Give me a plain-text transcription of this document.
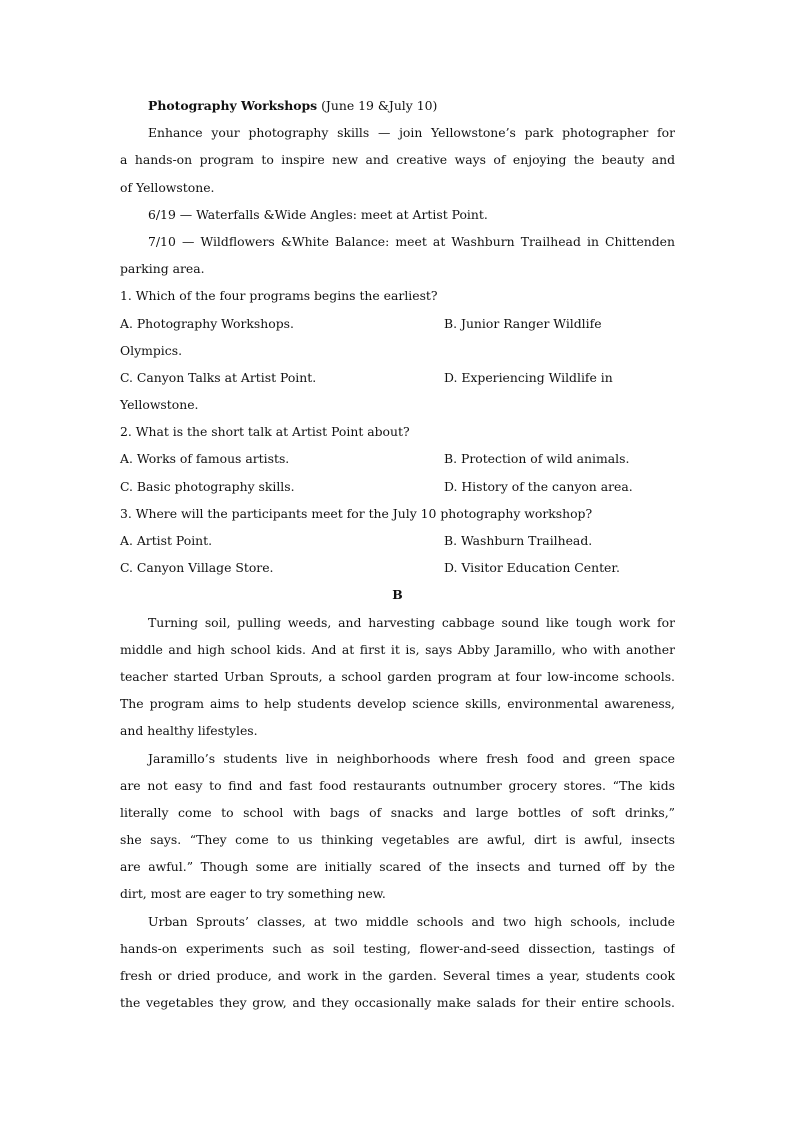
Photography Workshops (June 19 &July 10)
Enhance your photography skills — join Yellowstone’s park photographer for
a hands-on program to inspire new and creative ways of enjoying the beauty and
of Yellowstone.
6/19 — Waterfalls &Wide Angles: meet at Artist Point.
7/10 — Wildflowers &White Balance: meet at Washburn Trailhead in Chittenden
parking area.
1. Which of the four programs begins the earliest?
A. Photography Workshops.	B. Junior Ranger Wildlife
Olympics.
C. Canyon Talks at Artist Point.	D. Experiencing Wildlife in
Yellowstone.
2. What is the short talk at Artist Point about?
A. Works of famous artists.	B. Protection of wild animals.
C. Basic photography skills.	D. History of the canyon area.
3. Where will the participants meet for the July 10 photography workshop?
A. Artist Point.	B. Washburn Trailhead.
C. Canyon Village Store.	D. Visitor Education Center.
B
Turning soil, pulling weeds, and harvesting cabbage sound like tough work for
middle and high school kids. And at first it is, says Abby Jaramillo, who with another
teacher started Urban Sprouts, a school garden program at four low-income schools.
The program aims to help students develop science skills, environmental awareness,
and healthy lifestyles.
Jaramillo’s students live in neighborhoods where fresh food and green space
are not easy to find and fast food restaurants outnumber grocery stores. “The kids
literally come to school with bags of snacks and large bottles of soft drinks,”
she says. “They come to us thinking vegetables are awful, dirt is awful, insects
are awful.” Though some are initially scared of the insects and turned off by the
dirt, most are eager to try something new.
Urban Sprouts’ classes, at two middle schools and two high schools, include
hands-on experiments such as soil testing, flower-and-seed dissection, tastings of
fresh or dried produce, and work in the garden. Several times a year, students cook
the vegetables they grow, and they occasionally make salads for their entire schools.
